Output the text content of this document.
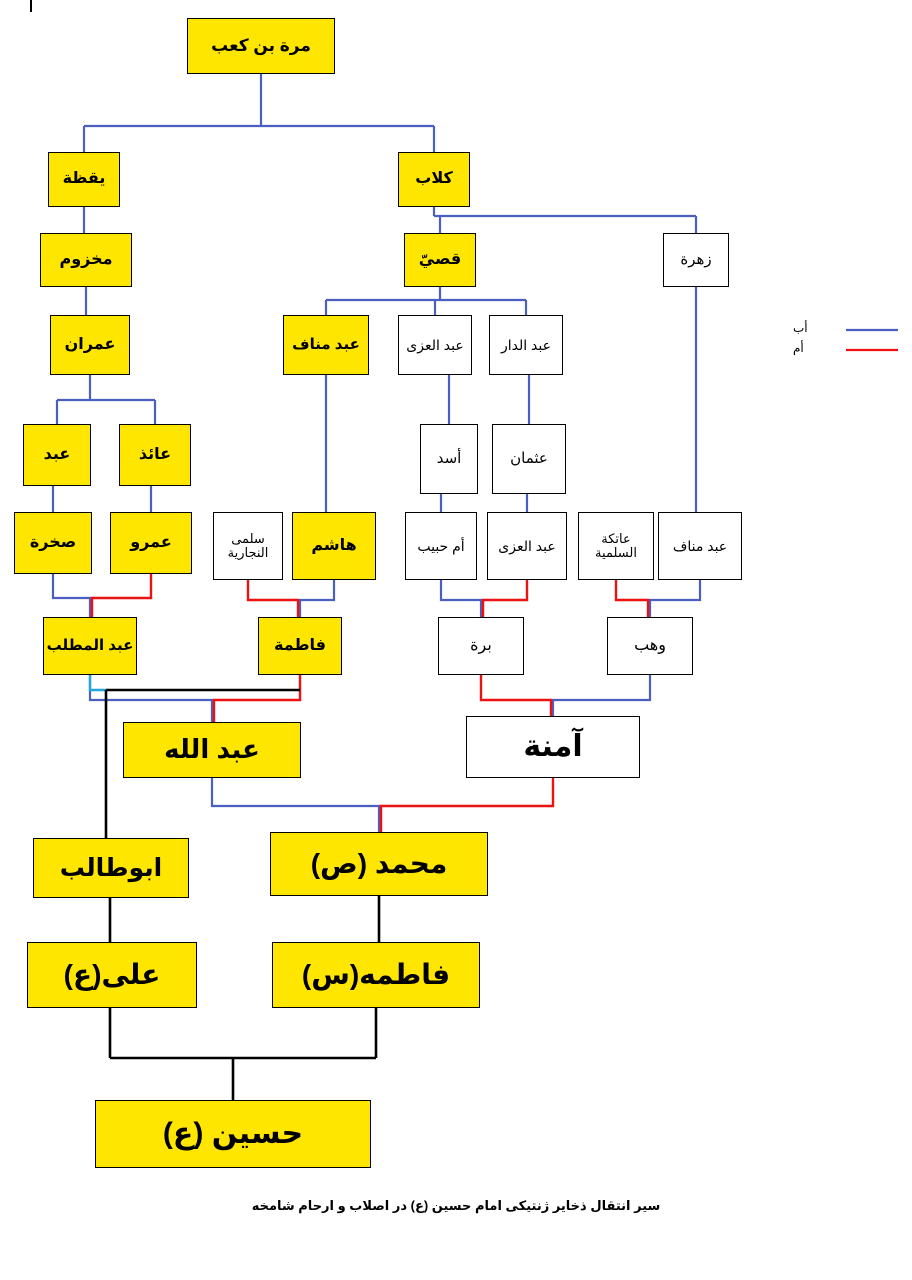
مرة بن كعب
يقظة	كلاب
مخزوم	قصيّ	زهرة
عمران	عبد مناف	عبد العزى	عبد الدار
عبد	عائذ	أسد	عثمان
صخرة	عمرو	سلمى النجارية	هاشم	أم حبيب عبد العزى	عاتكة السلمية	عبد مناف
عبد المطلب	فاطمة	برة	وهب
عبد الله	آمنة
ابوطالب	محمد (ص)
على(ع)	فاطمه(س)
حسين (ع)
أب
أم
سير انتقال ذخاير ژنتيكى امام حسين (ع) در اصلاب و ارحام شامخه
